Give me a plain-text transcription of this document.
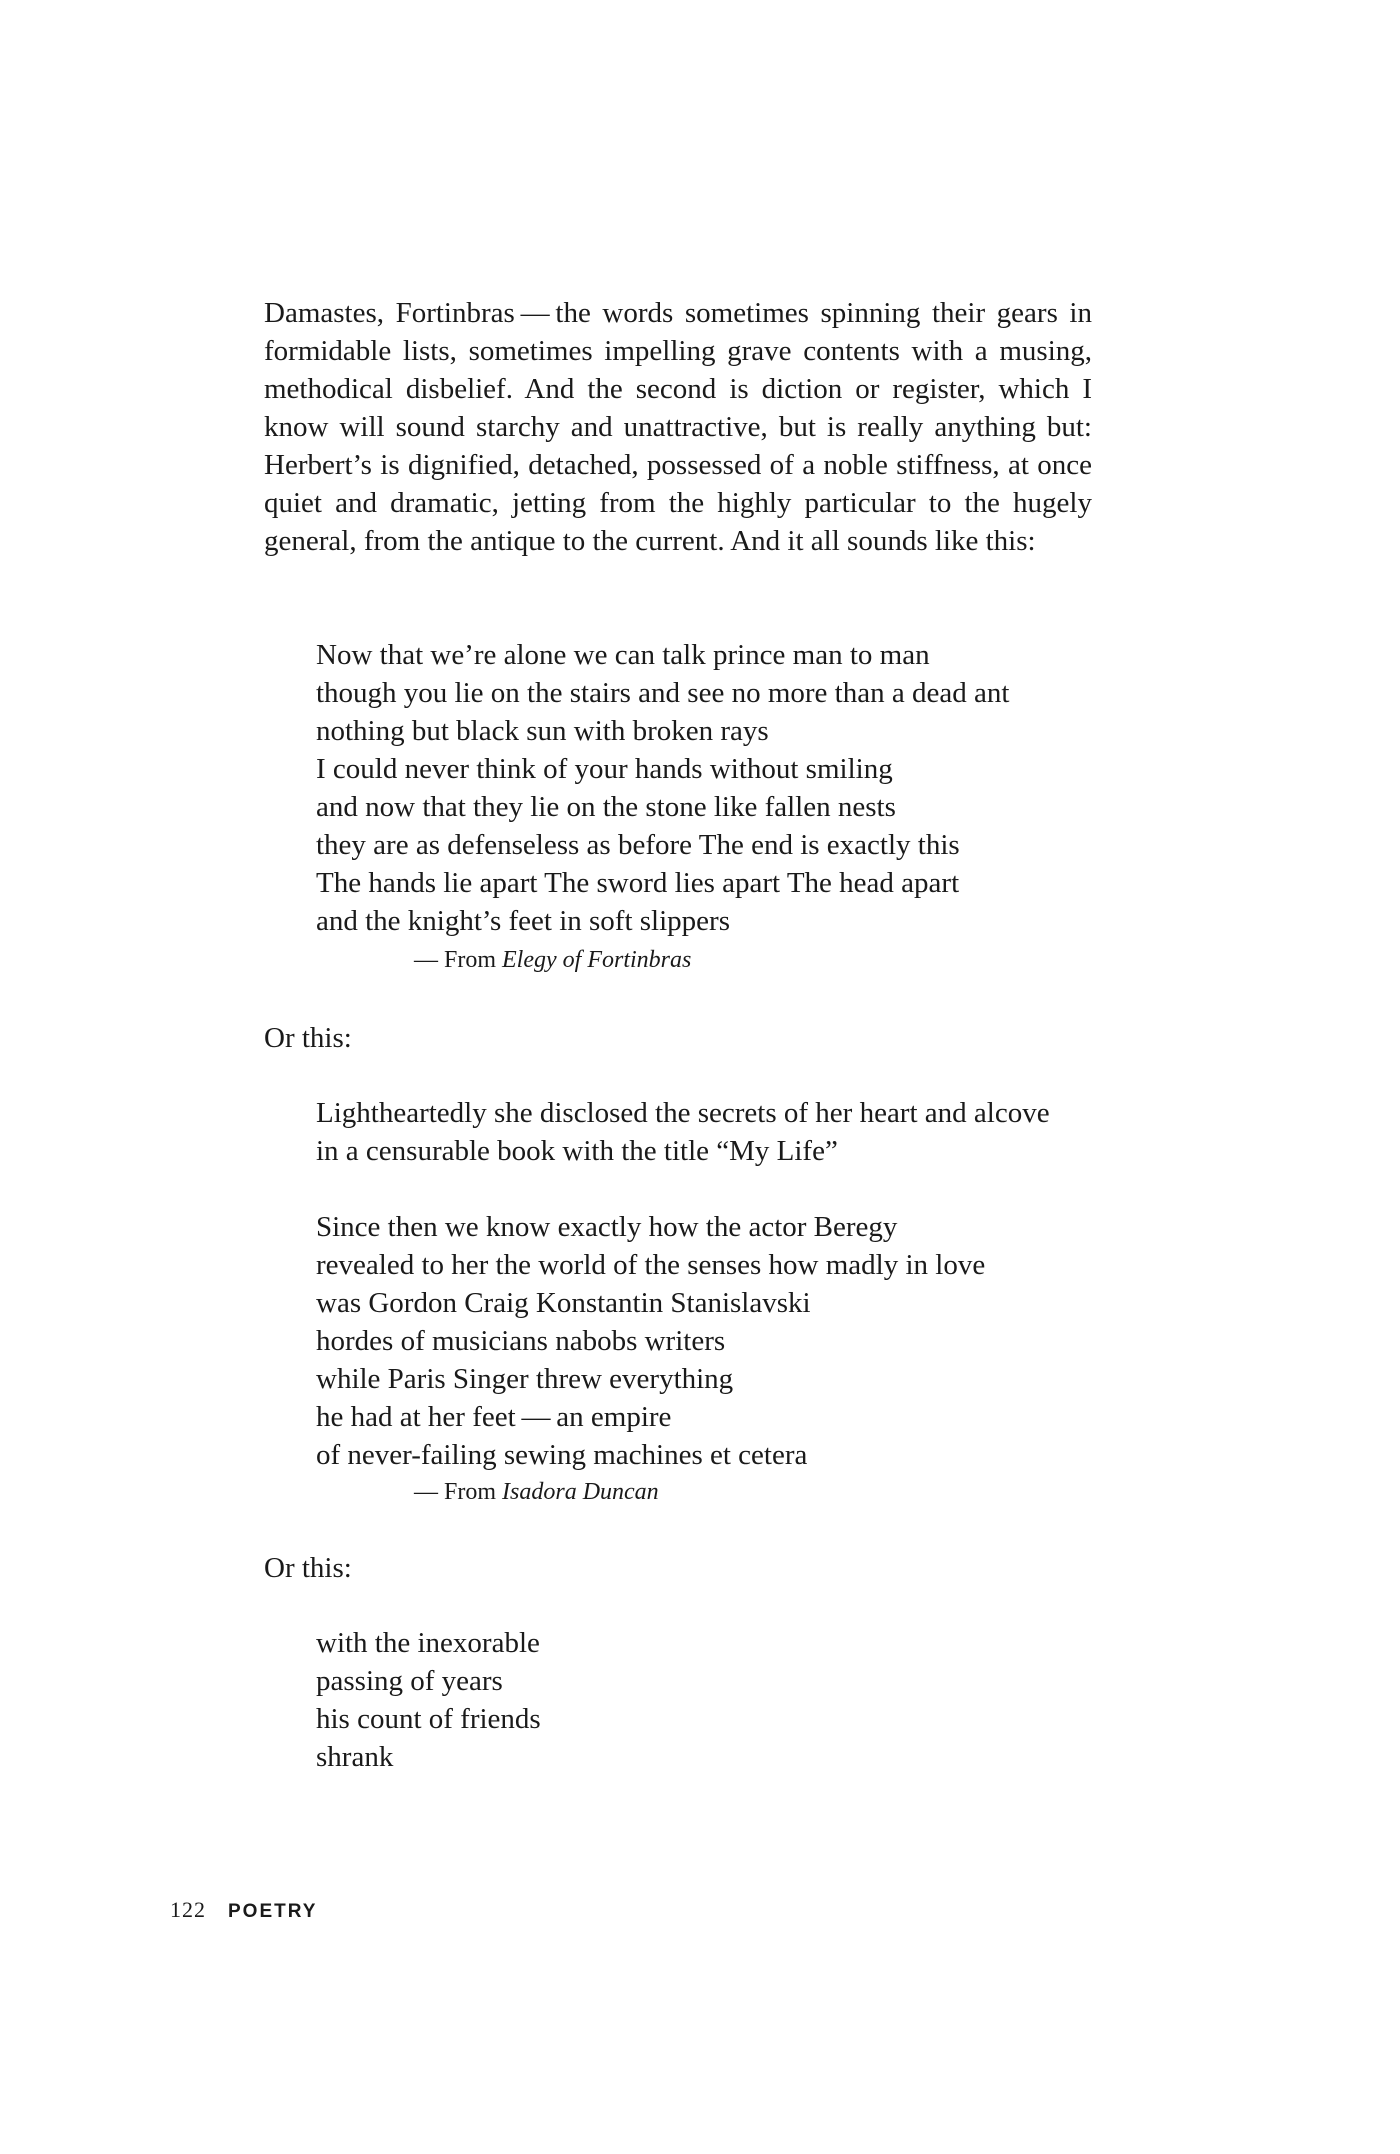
Damastes, Fortinbras — the words sometimes spinning their gears in formidable lists, sometimes impelling grave contents with a musing, methodical disbelief. And the second is diction or register, which I know will sound starchy and unattractive, but is really anything but: Herbert’s is dignified, detached, possessed of a noble stiffness, at once quiet and dramatic, jetting from the highly particular to the hugely general, from the antique to the current. And it all sounds like this:

Now that we’re alone we can talk prince man to man
though you lie on the stairs and see no more than a dead ant
nothing but black sun with broken rays
I could never think of your hands without smiling
and now that they lie on the stone like fallen nests
they are as defenseless as before The end is exactly this
The hands lie apart The sword lies apart The head apart
and the knight’s feet in soft slippers
— From Elegy of Fortinbras
Or this:
Lightheartedly she disclosed the secrets of her heart and alcove
in a censurable book with the title “My Life”
Since then we know exactly how the actor Beregy
revealed to her the world of the senses how madly in love
was Gordon Craig Konstantin Stanislavski
hordes of musicians nabobs writers
while Paris Singer threw everything
he had at her feet — an empire
of never-failing sewing machines et cetera
— From Isadora Duncan
Or this:
with the inexorable
passing of years
his count of friends
shrank
122 POETRY
